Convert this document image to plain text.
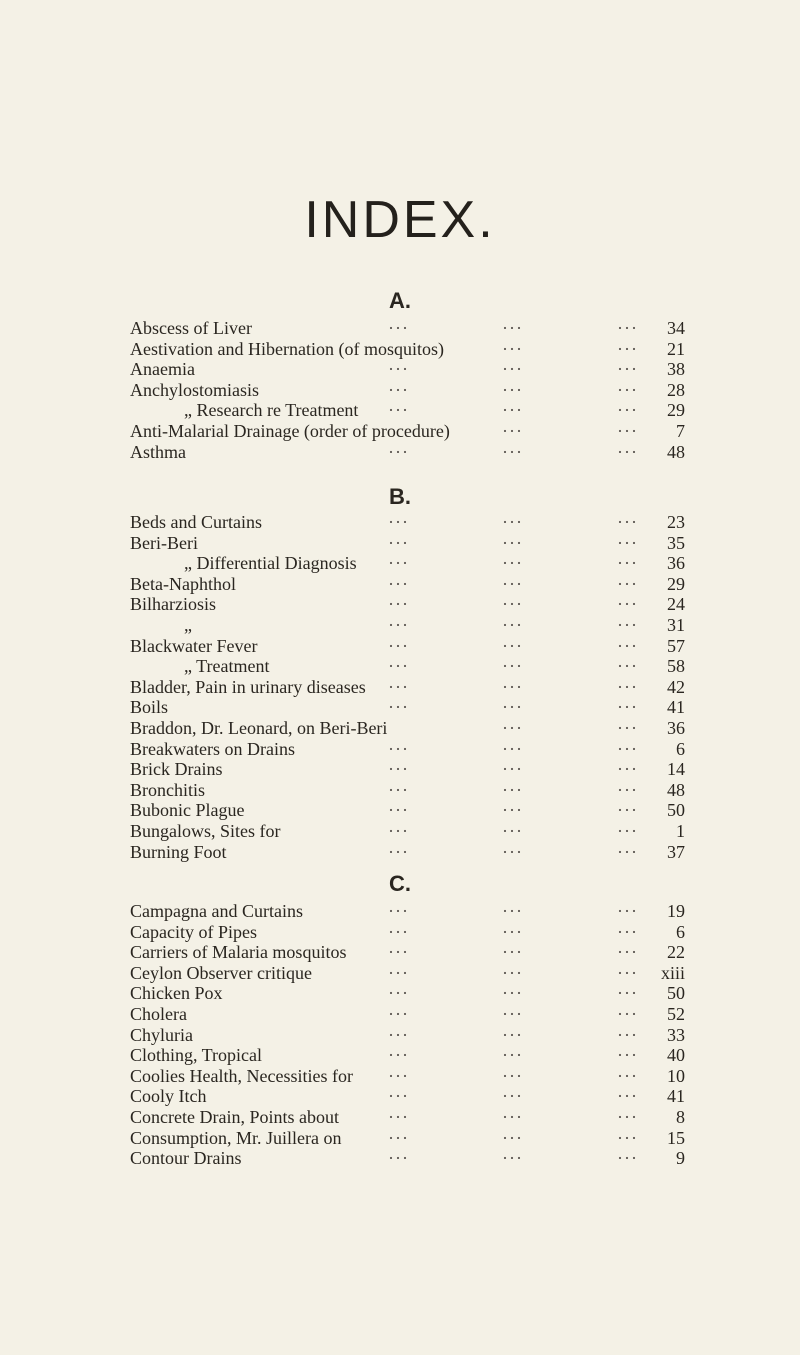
INDEX.
A.
Abscess of Liver	···	···	···	34
Aestivation and Hibernation (of mosquitos)	···	···	21
Anaemia	···	···	···	38
Anchylostomiasis	···	···	···	28
„ Research re Treatment ···	···	···	29
Anti-Malarial Drainage (order of procedure)	···	···	7
Asthma	···	···	···	48
B.
Beds and Curtains	···	···	···	23
Beri-Beri	···	···	···	35
„ Differential Diagnosis ···	···	···	36
Beta-Naphthol	···	···	···	29
Bilharziosis	···	···	···	24
„	···	···	···	31
Blackwater Fever	···	···	···	57
„ Treatment	···	···	···	58
Bladder, Pain in urinary diseases ···	···	···	42
Boils	···	···	···	41
Braddon, Dr. Leonard, on Beri-Beri	···	···	36
Breakwaters on Drains	···	···	···	6
Brick Drains	···	···	···	14
Bronchitis	···	···	···	48
Bubonic Plague	···	···	···	50
Bungalows, Sites for	···	···	···	1
Burning Foot	···	···	···	37
C.
Campagna and Curtains	···	···	···	19
Capacity of Pipes	···	···	···	6
Carriers of Malaria mosquitos ···	···	···	22
Ceylon Observer critique	···	···	···	xiii
Chicken Pox	···	···	···	50
Cholera	···	···	···	52
Chyluria	···	···	···	33
Clothing, Tropical	···	···	···	40
Coolies Health, Necessities for ···	···	···	10
Cooly Itch	···	···	···	41
Concrete Drain, Points about	···	···	···	8
Consumption, Mr. Juillera on	···	···	···	15
Contour Drains	···	···	···	9
